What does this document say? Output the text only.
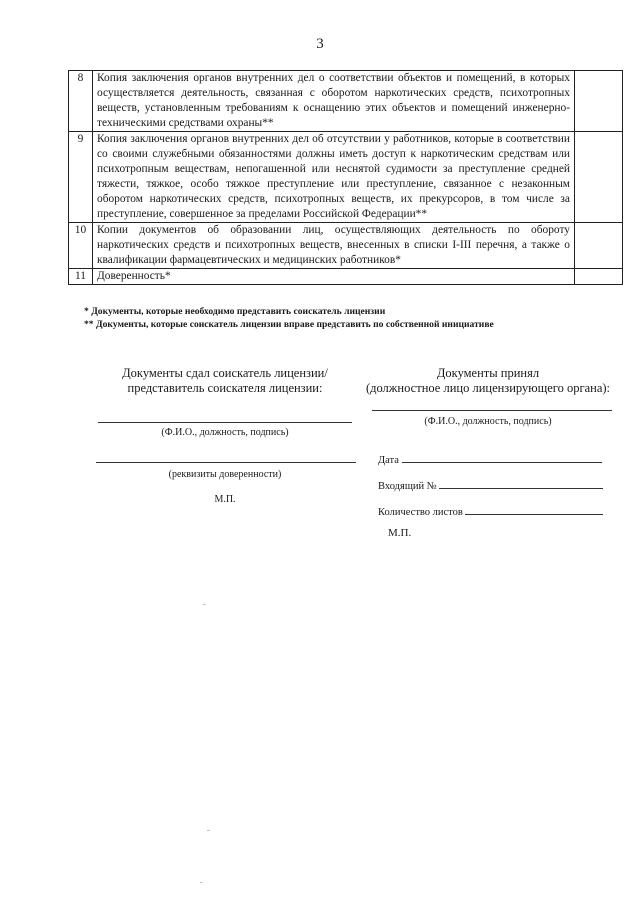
3
8	Копия заключения органов внутренних дел о соответствии объектов и помещений, в которых осуществляется деятельность, связанная с оборотом наркотических средств, психотропных веществ, установленным требованиям к оснащению этих объектов и помещений инженерно-техническими средствами охраны**	
9	Копия заключения органов внутренних дел об отсутствии у работников, которые в соответствии со своими служебными обязанностями должны иметь доступ к наркотическим средствам или психотропным веществам, непогашенной или неснятой судимости за преступление средней тяжести, тяжкое, особо тяжкое преступление или преступление, связанное с незаконным оборотом наркотических средств, психотропных веществ, их прекурсоров, в том числе за преступление, совершенное за пределами Российской Федерации**	
10	Копии документов об образовании лиц, осуществляющих деятельность по обороту наркотических средств и психотропных веществ, внесенных в списки I-III перечня, а также о квалификации фармацевтических и медицинских работников*	
11	Доверенность*	
* Документы, которые необходимо представить соискатель лицензии
** Документы, которые соискатель лицензии вправе представить по собственной инициативе
Документы сдал соискатель лицензии/
представитель соискателя лицензии:
(Ф.И.О., должность, подпись)
(реквизиты доверенности)
М.П.
Документы принял
(должностное лицо лицензирующего органа):
(Ф.И.О., должность, подпись)
Дата
Входящий №
Количество листов
М.П.
ˉ
ˉ
ˉ
